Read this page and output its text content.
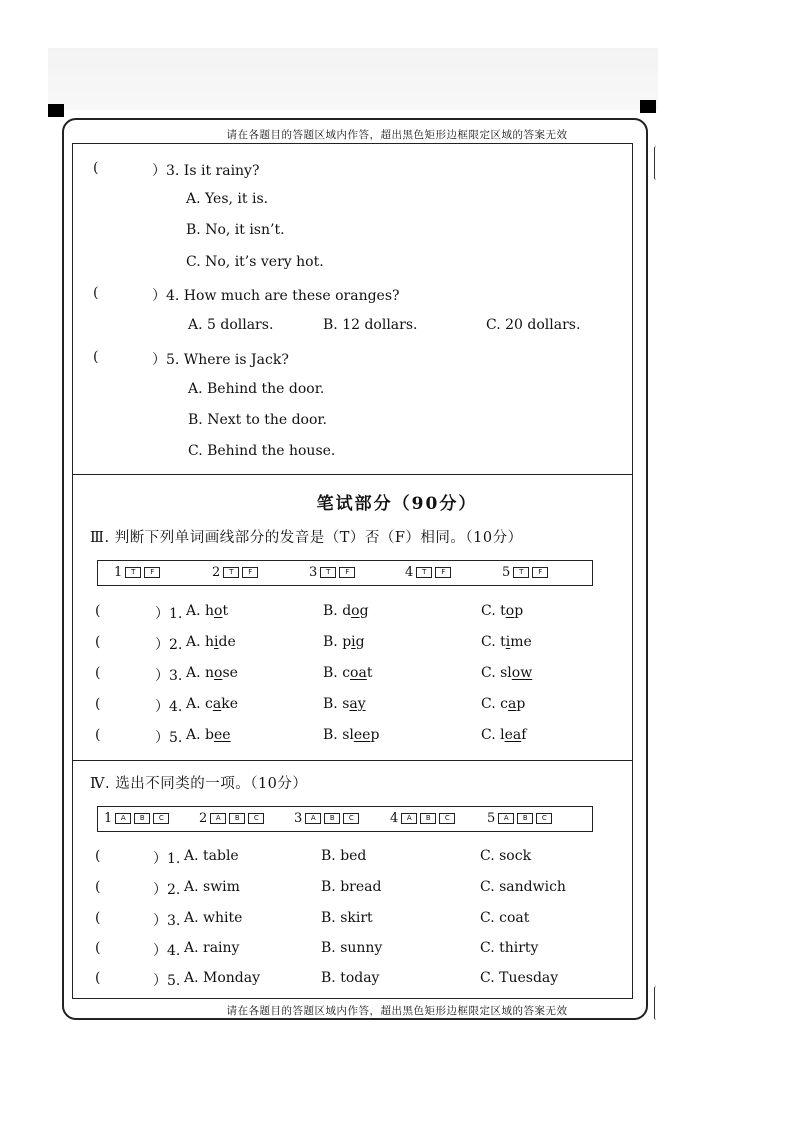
请在各题目的答题区域内作答，超出黑色矩形边框限定区域的答案无效
请在各题目的答题区域内作答，超出黑色矩形边框限定区域的答案无效
(	）3. Is it rainy?
A. Yes, it is.
B. No, it isn’t.
C. No, it’s very hot.
(	）4. How much are these oranges?
A. 5 dollars.	B. 12 dollars.	C. 20 dollars.
(	）5. Where is Jack?
A. Behind the door.
B. Next to the door.
C. Behind the house.
笔试部分（90分）
Ⅲ. 判断下列单词画线部分的发音是（T）否（F）相同。（10分）
1 T F	2 T F	3 T F	4 T F	5 T F
(	）1. A. hot	B. dog	C. top
(	）2. A. hide	B. pig	C. time
(	）3. A. nose	B. coat	C. slow
(	）4. A. cake	B. say	C. cap
(	）5. A. bee	B. sleep	C. leaf
Ⅳ. 选出不同类的一项。（10分）
1 A B C	2 A B C	3 A B C	4 A B C	5 A B C
(	）1. A. table	B. bed	C. sock
(	）2. A. swim	B. bread	C. sandwich
(	）3. A. white	B. skirt	C. coat
(	）4. A. rainy	B. sunny	C. thirty
(	）5. A. Monday	B. today	C. Tuesday
